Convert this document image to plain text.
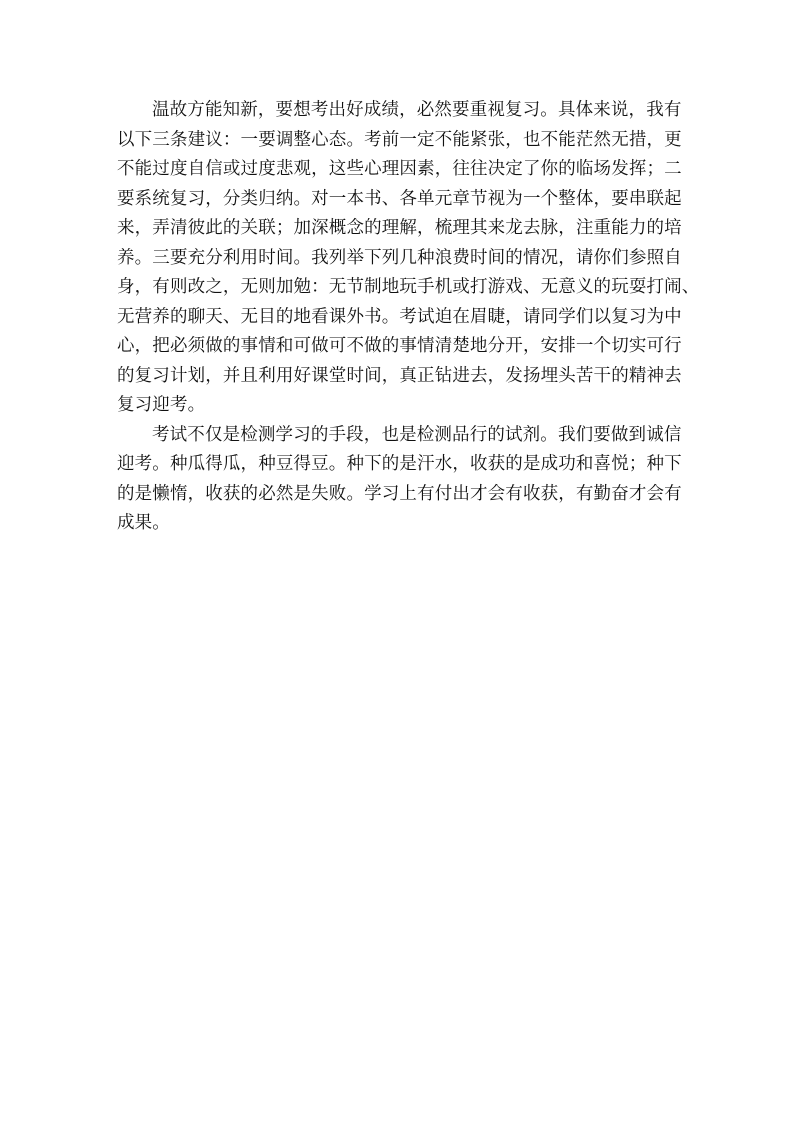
温故方能知新，要想考出好成绩，必然要重视复习。具体来说，我有
以下三条建议：一要调整心态。考前一定不能紧张，也不能茫然无措，更
不能过度自信或过度悲观，这些心理因素，往往决定了你的临场发挥；二
要系统复习，分类归纳。对一本书、各单元章节视为一个整体，要串联起
来，弄清彼此的关联；加深概念的理解，梳理其来龙去脉，注重能力的培
养。三要充分利用时间。我列举下列几种浪费时间的情况，请你们参照自
身，有则改之，无则加勉：无节制地玩手机或打游戏、无意义的玩耍打闹、
无营养的聊天、无目的地看课外书。考试迫在眉睫，请同学们以复习为中
心，把必须做的事情和可做可不做的事情清楚地分开，安排一个切实可行
的复习计划，并且利用好课堂时间，真正钻进去，发扬埋头苦干的精神去
复习迎考。
考试不仅是检测学习的手段，也是检测品行的试剂。我们要做到诚信
迎考。种瓜得瓜，种豆得豆。种下的是汗水，收获的是成功和喜悦；种下
的是懒惰，收获的必然是失败。学习上有付出才会有收获，有勤奋才会有
成果。
